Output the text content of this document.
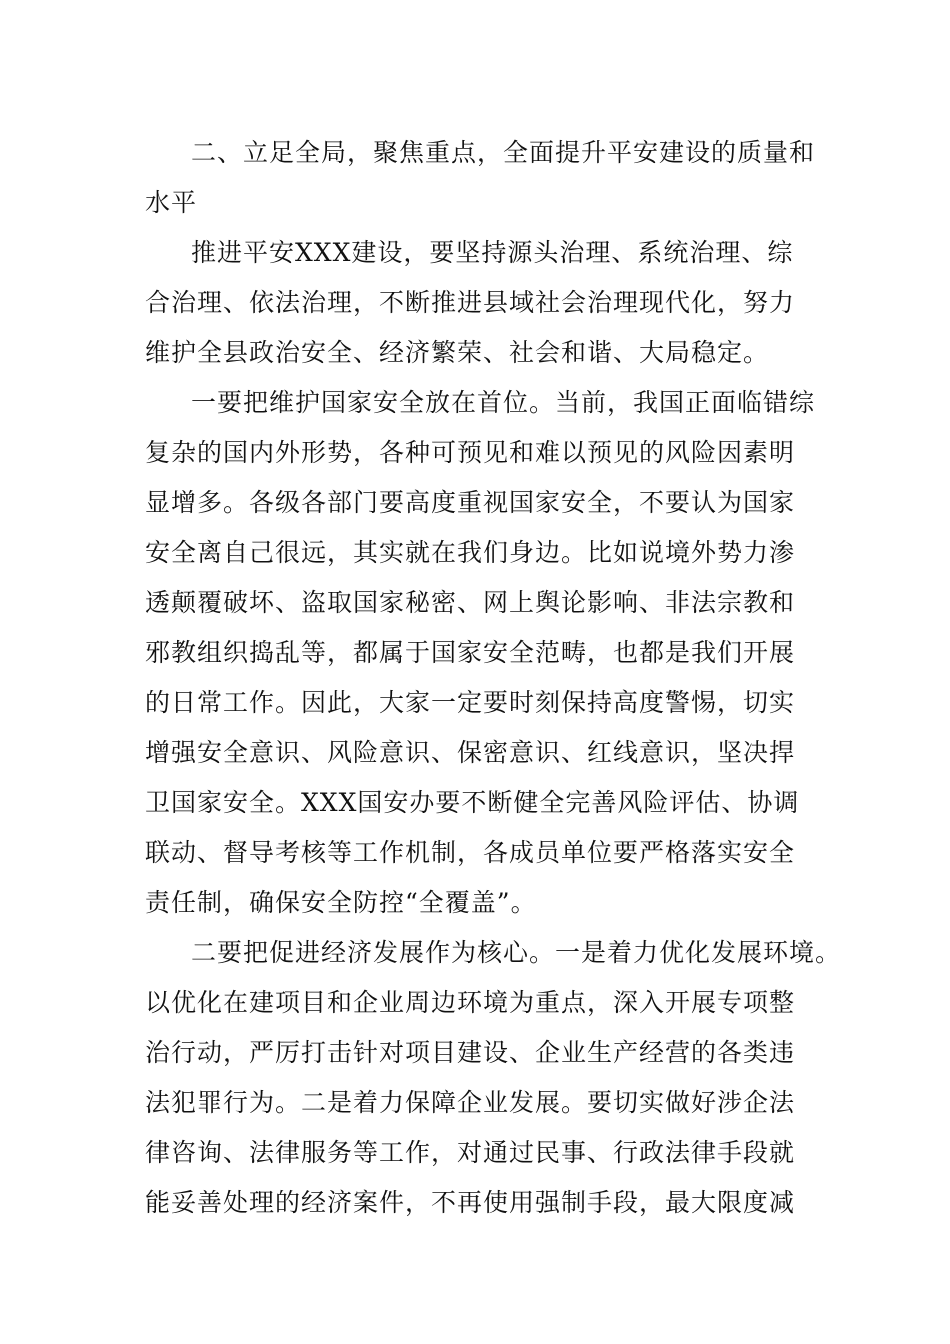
二、立足全局，聚焦重点，全面提升平安建设的质量和
水平
推进平安XXX建设，要坚持源头治理、系统治理、综
合治理、依法治理，不断推进县域社会治理现代化，努力
维护全县政治安全、经济繁荣、社会和谐、大局稳定。
一要把维护国家安全放在首位。当前，我国正面临错综
复杂的国内外形势，各种可预见和难以预见的风险因素明
显增多。各级各部门要高度重视国家安全，不要认为国家
安全离自己很远，其实就在我们身边。比如说境外势力渗
透颠覆破坏、盗取国家秘密、网上舆论影响、非法宗教和
邪教组织捣乱等，都属于国家安全范畴，也都是我们开展
的日常工作。因此，大家一定要时刻保持高度警惕，切实
增强安全意识、风险意识、保密意识、红线意识，坚决捍
卫国家安全。XXX国安办要不断健全完善风险评估、协调
联动、督导考核等工作机制，各成员单位要严格落实安全
责任制，确保安全防控“全覆盖”。
二要把促进经济发展作为核心。一是着力优化发展环境。
以优化在建项目和企业周边环境为重点，深入开展专项整
治行动，严厉打击针对项目建设、企业生产经营的各类违
法犯罪行为。二是着力保障企业发展。要切实做好涉企法
律咨询、法律服务等工作，对通过民事、行政法律手段就
能妥善处理的经济案件，不再使用强制手段，最大限度减
